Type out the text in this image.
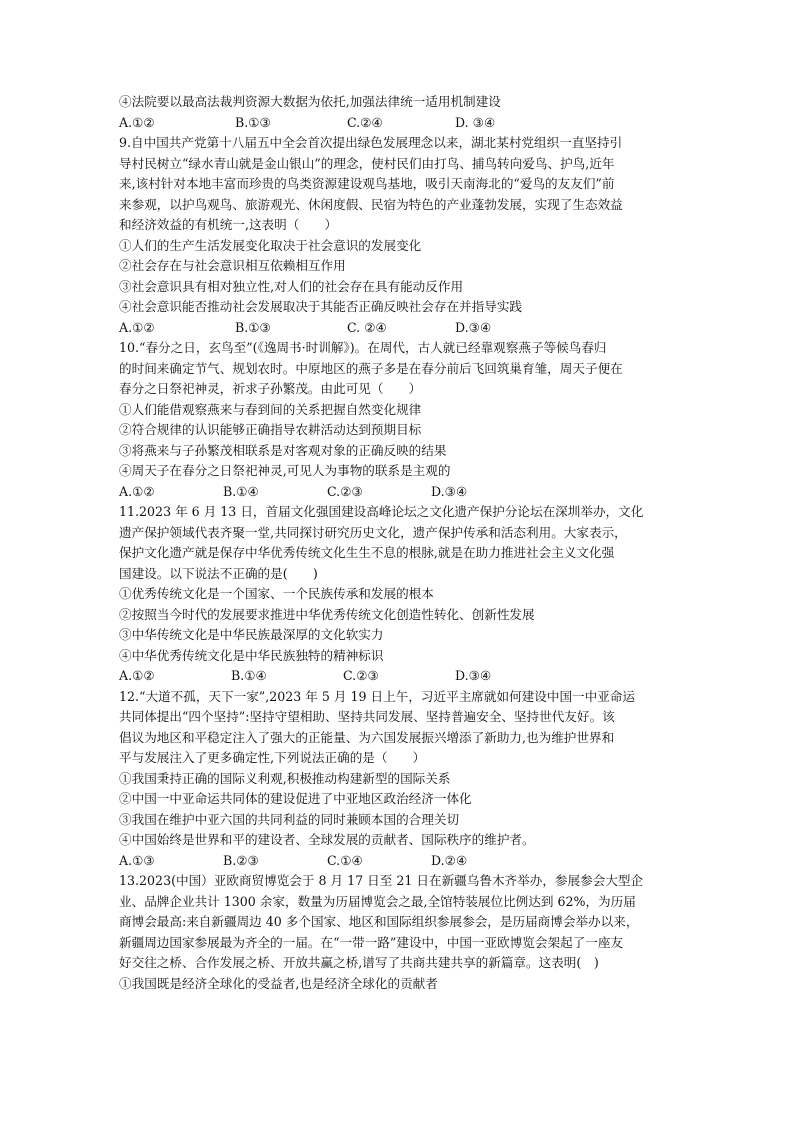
④法院要以最高法裁判资源大数据为依托,加强法律统一适用机制建设
A.①②	B.①③	C.②④	D. ③④
9.自中国共产党第十八届五中全会首次提出绿色发展理念以来，湖北某村党组织一直坚持引
导村民树立“绿水青山就是金山银山”的理念，使村民们由打鸟、捕鸟转向爱鸟、护鸟,近年
来,该村针对本地丰富而珍贵的鸟类资源建设观鸟基地，吸引天南海北的“爱鸟的友友们”前
来参观，以护鸟观鸟、旅游观光、休闲度假、民宿为特色的产业蓬勃发展，实现了生态效益
和经济效益的有机统一,这表明（　　）
①人们的生产生活发展变化取决于社会意识的发展变化
②社会存在与社会意识相互依赖相互作用
③社会意识具有相对独立性,对人们的社会存在具有能动反作用
④社会意识能否推动社会发展取决于其能否正确反映社会存在并指导实践
A.①②	B.①③	C. ②④	D.③④
10.“春分之日，玄鸟至”(《逸周书·时训解》)。在周代，古人就已经靠观察燕子等候鸟春归
的时间来确定节气、规划农时。中原地区的燕子多是在春分前后飞回筑巢育雏，周天子便在
春分之日祭祀神灵，祈求子孙繁茂。由此可见（　　）
①人们能借观察燕来与春到间的关系把握自然变化规律
②符合规律的认识能够正确指导农耕活动达到预期目标
③将燕来与子孙繁茂相联系是对客观对象的正确反映的结果
④周天子在春分之日祭祀神灵,可见人为事物的联系是主观的
A.①②	B.①④	C.②③	D.③④
11.2023 年 6 月 13 日，首届文化强国建设高峰论坛之文化遗产保护分论坛在深圳举办，文化
遗产保护领域代表齐聚一堂,共同探讨研究历史文化，遗产保护传承和活态利用。大家表示，
保护文化遗产就是保存中华优秀传统文化生生不息的根脉,就是在助力推进社会主义文化强
国建设。以下说法不正确的是(　　)
①优秀传统文化是一个国家、一个民族传承和发展的根本
②按照当今时代的发展要求推进中华优秀传统文化创造性转化、创新性发展
③中华传统文化是中华民族最深厚的文化软实力
④中华优秀传统文化是中华民族独特的精神标识
A.①②	B.①④	C.②③	D.③④
12.“大道不孤，天下一家”,2023 年 5 月 19 日上午，习近平主席就如何建设中国一中亚命运
共同体提出“四个坚持”:坚持守望相助、坚持共同发展、坚持普遍安全、坚持世代友好。该
倡议为地区和平稳定注入了强大的正能量、为六国发展振兴增添了新助力,也为维护世界和
平与发展注入了更多确定性,下列说法正确的是（　　）
①我国秉持正确的国际义利观,积极推动构建新型的国际关系
②中国一中亚命运共同体的建设促进了中亚地区政治经济一体化
③我国在维护中亚六国的共同利益的同时兼顾本国的合理关切
④中国始终是世界和平的建设者、全球发展的贡献者、国际秩序的维护者。
A.①③	B.②③	C.①④	D.②④
13.2023(中国）亚欧商贸博览会于 8 月 17 日至 21 日在新疆乌鲁木齐举办，参展参会大型企
业、品牌企业共计 1300 余家，数量为历届博览会之最,全馆特装展位比例达到 62%，为历届
商博会最高:来自新疆周边 40 多个国家、地区和国际组织参展参会，是历届商博会举办以来，
新疆周边国家参展最为齐全的一届。在“一带一路”建设中，中国一亚欧博览会架起了一座友
好交往之桥、合作发展之桥、开放共赢之桥,谱写了共商共建共享的新篇章。这表明(　)
①我国既是经济全球化的受益者,也是经济全球化的贡献者
